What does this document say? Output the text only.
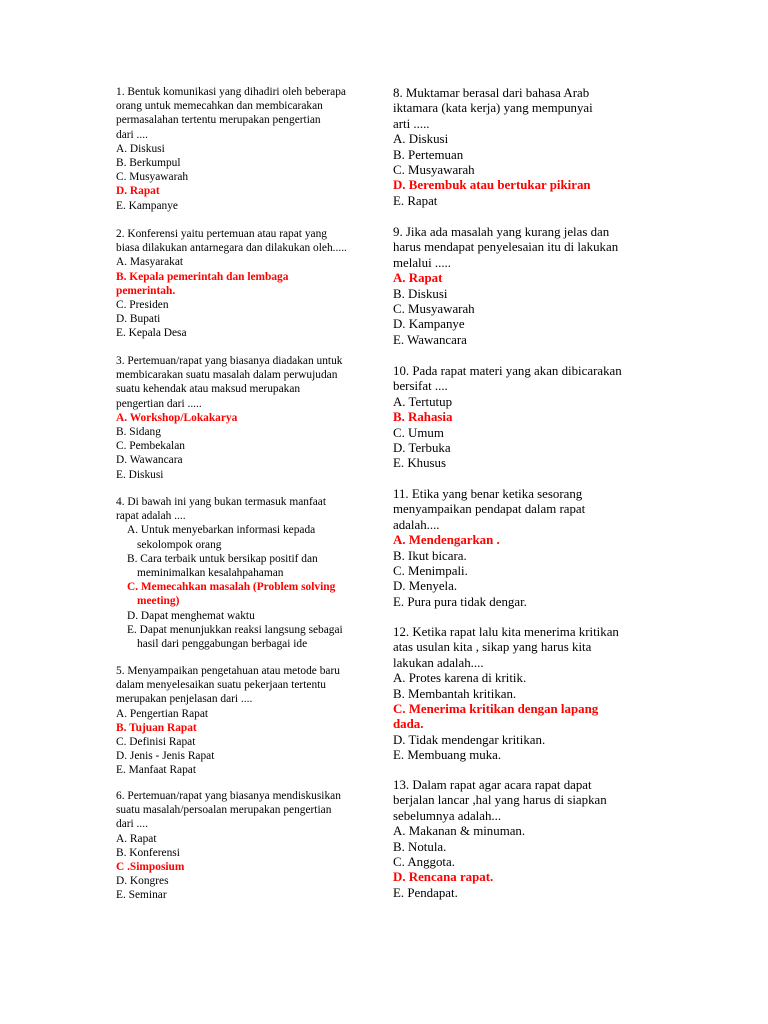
1. Bentuk komunikasi yang dihadiri oleh beberapa
orang untuk memecahkan dan membicarakan
permasalahan tertentu merupakan pengertian
dari ....
A. Diskusi
B. Berkumpul
C. Musyawarah
D. Rapat
E. Kampanye
2. Konferensi yaitu pertemuan atau rapat yang
biasa dilakukan antarnegara dan dilakukan oleh.....
A. Masyarakat
B. Kepala pemerintah dan lembaga
pemerintah.
C. Presiden
D. Bupati
E. Kepala Desa
3. Pertemuan/rapat yang biasanya diadakan untuk
membicarakan suatu masalah dalam perwujudan
suatu kehendak atau maksud merupakan
pengertian dari .....
A. Workshop/Lokakarya
B. Sidang
C. Pembekalan
D. Wawancara
E. Diskusi
4. Di bawah ini yang bukan termasuk manfaat
rapat adalah ....
A. Untuk menyebarkan informasi kepada
sekolompok orang
B. Cara terbaik untuk bersikap positif dan
meminimalkan kesalahpahaman
C. Memecahkan masalah (Problem solving
meeting)
D. Dapat menghemat waktu
E. Dapat menunjukkan reaksi langsung sebagai
hasil dari penggabungan berbagai ide
5. Menyampaikan pengetahuan atau metode baru
dalam menyelesaikan suatu pekerjaan tertentu
merupakan penjelasan dari ....
A. Pengertian Rapat
B. Tujuan Rapat
C. Definisi Rapat
D. Jenis - Jenis Rapat
E. Manfaat Rapat
6. Pertemuan/rapat yang biasanya mendiskusikan
suatu masalah/persoalan merupakan pengertian
dari ....
A. Rapat
B. Konferensi
C .Simposium
D. Kongres
E. Seminar
8. Muktamar berasal dari bahasa Arab
iktamara (kata kerja) yang mempunyai
arti .....
A. Diskusi
B. Pertemuan
C. Musyawarah
D. Berembuk atau bertukar pikiran
E. Rapat
9. Jika ada masalah yang kurang jelas dan
harus mendapat penyelesaian itu di lakukan
melalui .....
A. Rapat
B. Diskusi
C. Musyawarah
D. Kampanye
E. Wawancara
10. Pada rapat materi yang akan dibicarakan
bersifat ....
A. Tertutup
B. Rahasia
C. Umum
D. Terbuka
E. Khusus
11. Etika yang benar ketika sesorang
menyampaikan pendapat dalam rapat
adalah....
A. Mendengarkan .
B. Ikut bicara.
C. Menimpali.
D. Menyela.
E. Pura pura tidak dengar.
12. Ketika rapat lalu kita menerima kritikan
atas usulan kita , sikap yang harus kita
lakukan adalah....
A. Protes karena di kritik.
B. Membantah kritikan.
C. Menerima kritikan dengan lapang
dada.
D. Tidak mendengar kritikan.
E. Membuang muka.
13. Dalam rapat agar acara rapat dapat
berjalan lancar ,hal yang harus di siapkan
sebelumnya adalah...
A. Makanan & minuman.
B. Notula.
C. Anggota.
D. Rencana rapat.
E. Pendapat.
